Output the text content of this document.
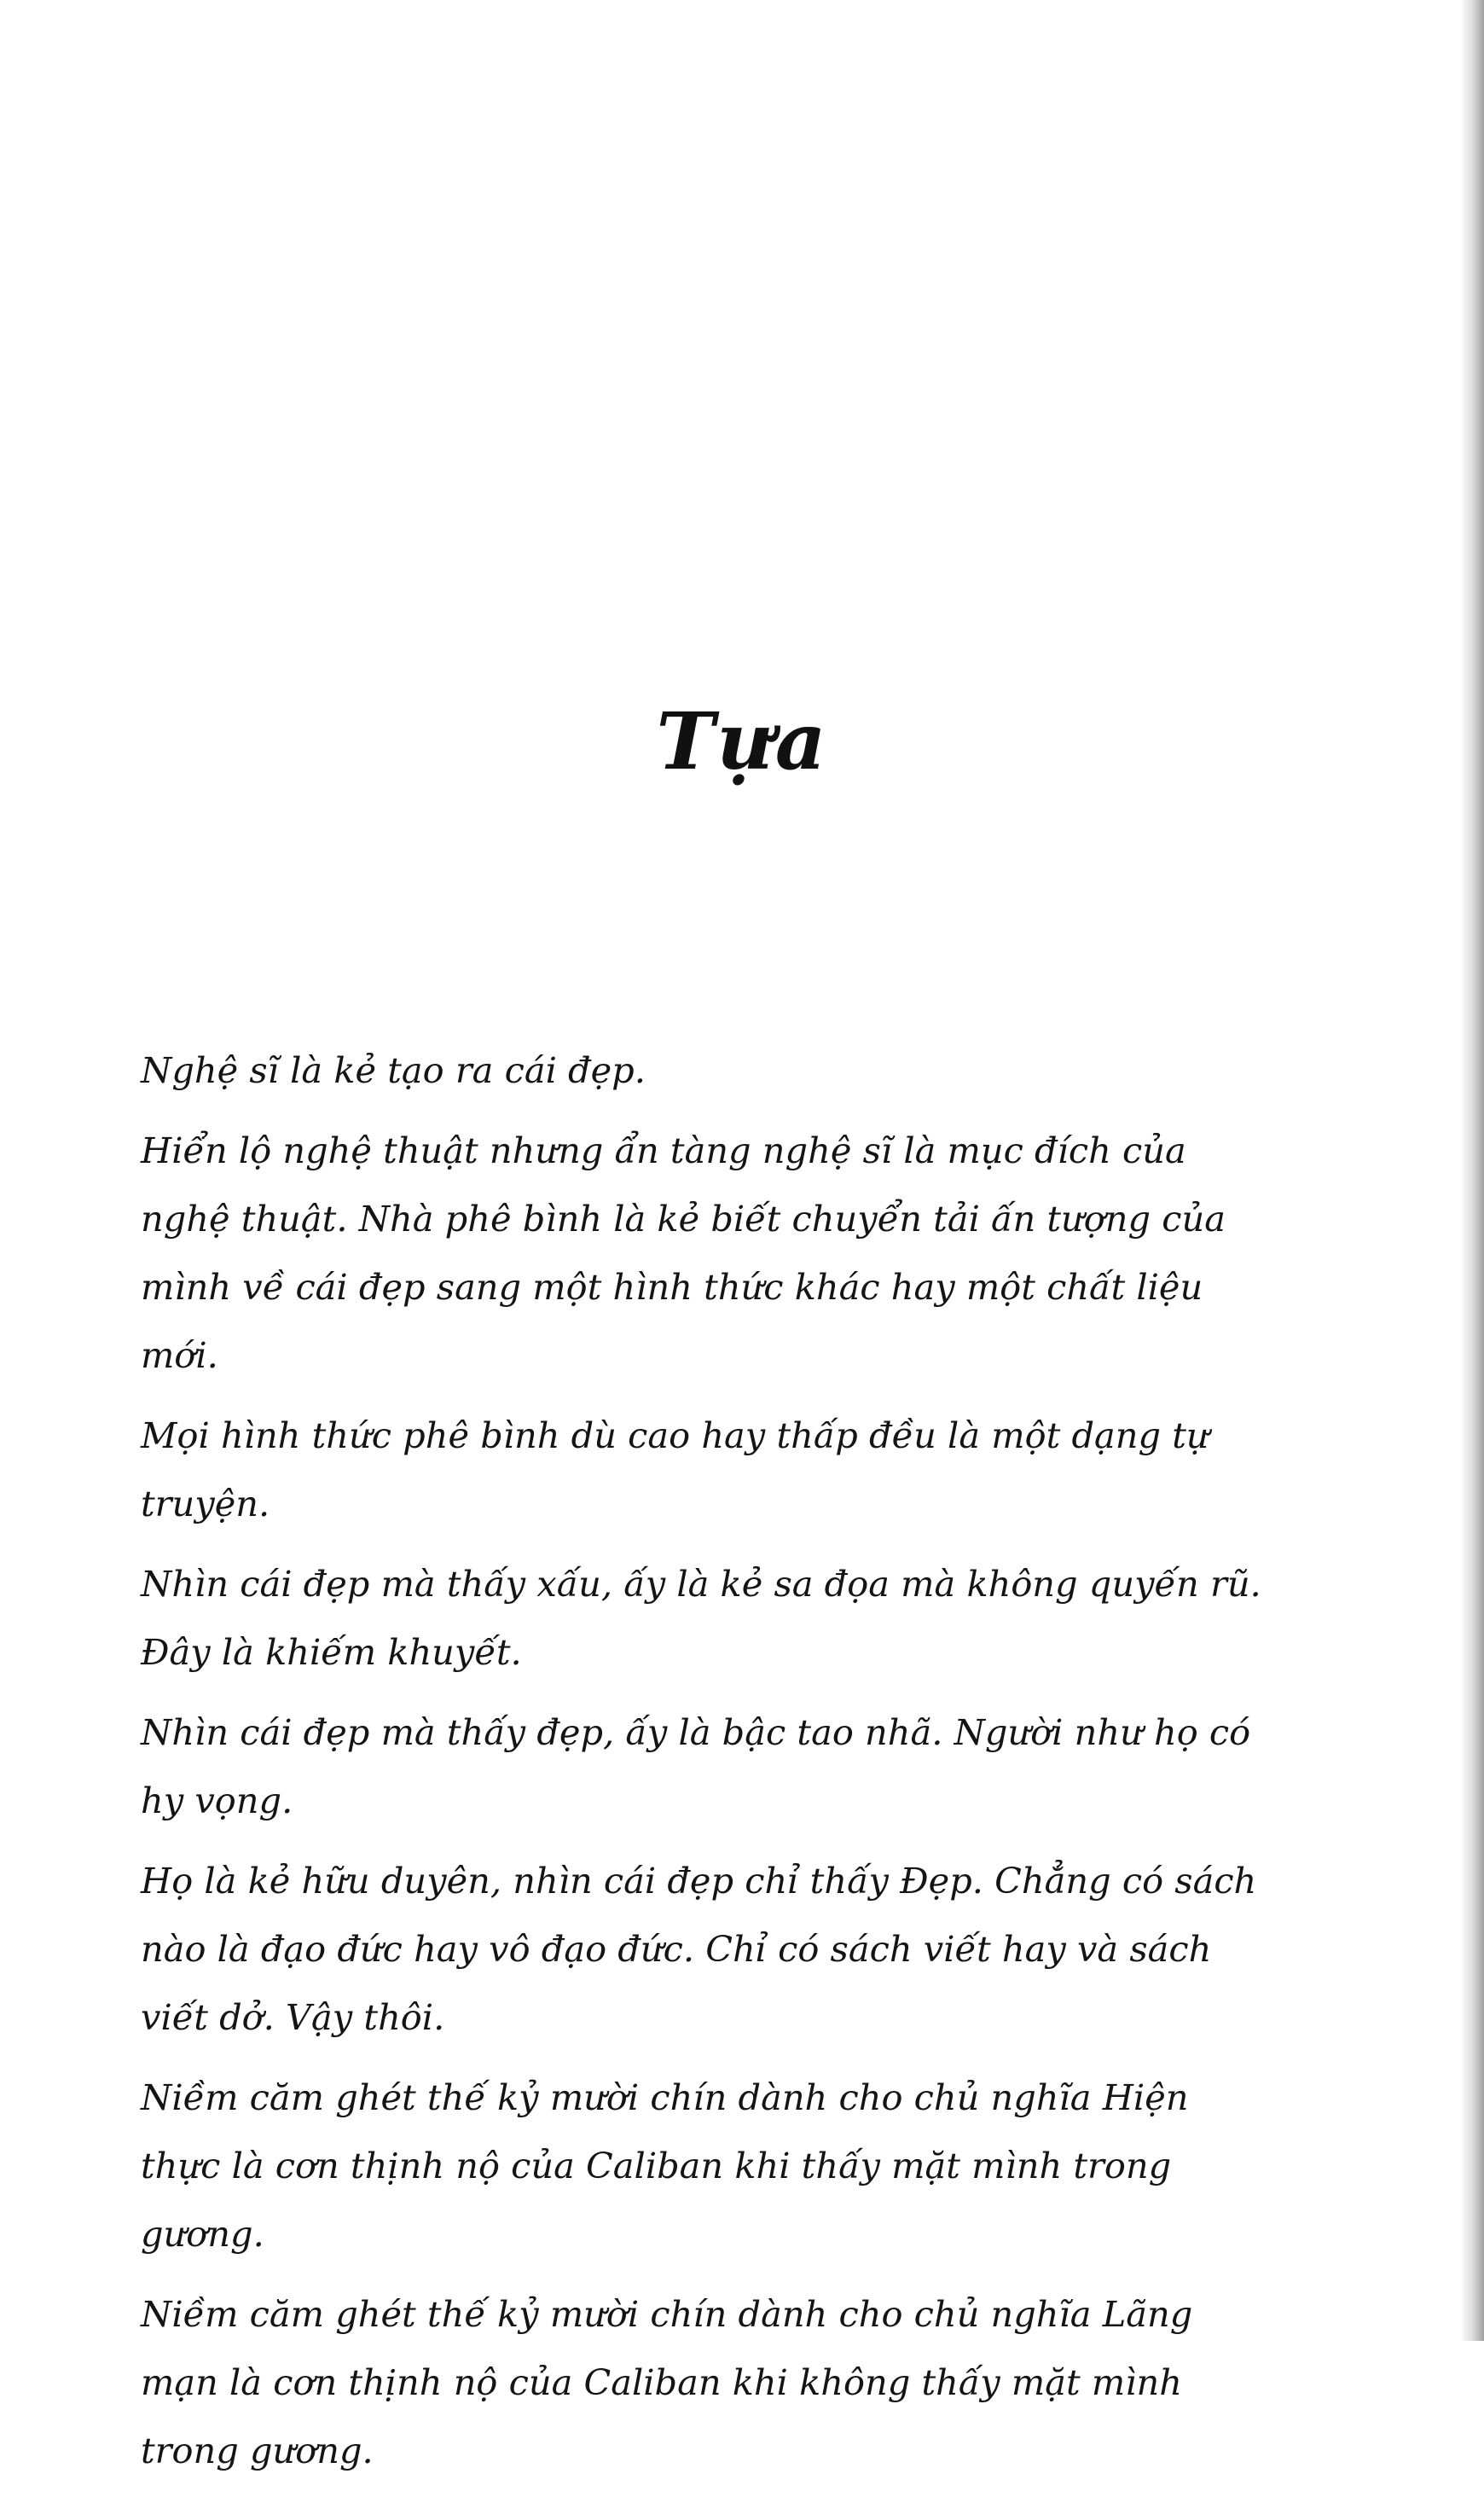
Tựa

Nghệ sĩ là kẻ tạo ra cái đẹp.

Hiển lộ nghệ thuật nhưng ẩn tàng nghệ sĩ là mục đích của nghệ thuật. Nhà phê bình là kẻ biết chuyển tải ấn tượng của mình về cái đẹp sang một hình thức khác hay một chất liệu mới.

Mọi hình thức phê bình dù cao hay thấp đều là một dạng tự truyện.

Nhìn cái đẹp mà thấy xấu, ấy là kẻ sa đọa mà không quyến rũ. Đây là khiếm khuyết.

Nhìn cái đẹp mà thấy đẹp, ấy là bậc tao nhã. Người như họ có hy vọng.

Họ là kẻ hữu duyên, nhìn cái đẹp chỉ thấy Đẹp. Chẳng có sách nào là đạo đức hay vô đạo đức. Chỉ có sách viết hay và sách viết dở. Vậy thôi.

Niềm căm ghét thế kỷ mười chín dành cho chủ nghĩa Hiện thực là cơn thịnh nộ của Caliban khi thấy mặt mình trong gương.

Niềm căm ghét thế kỷ mười chín dành cho chủ nghĩa Lãng mạn là cơn thịnh nộ của Caliban khi không thấy mặt mình trong gương.
